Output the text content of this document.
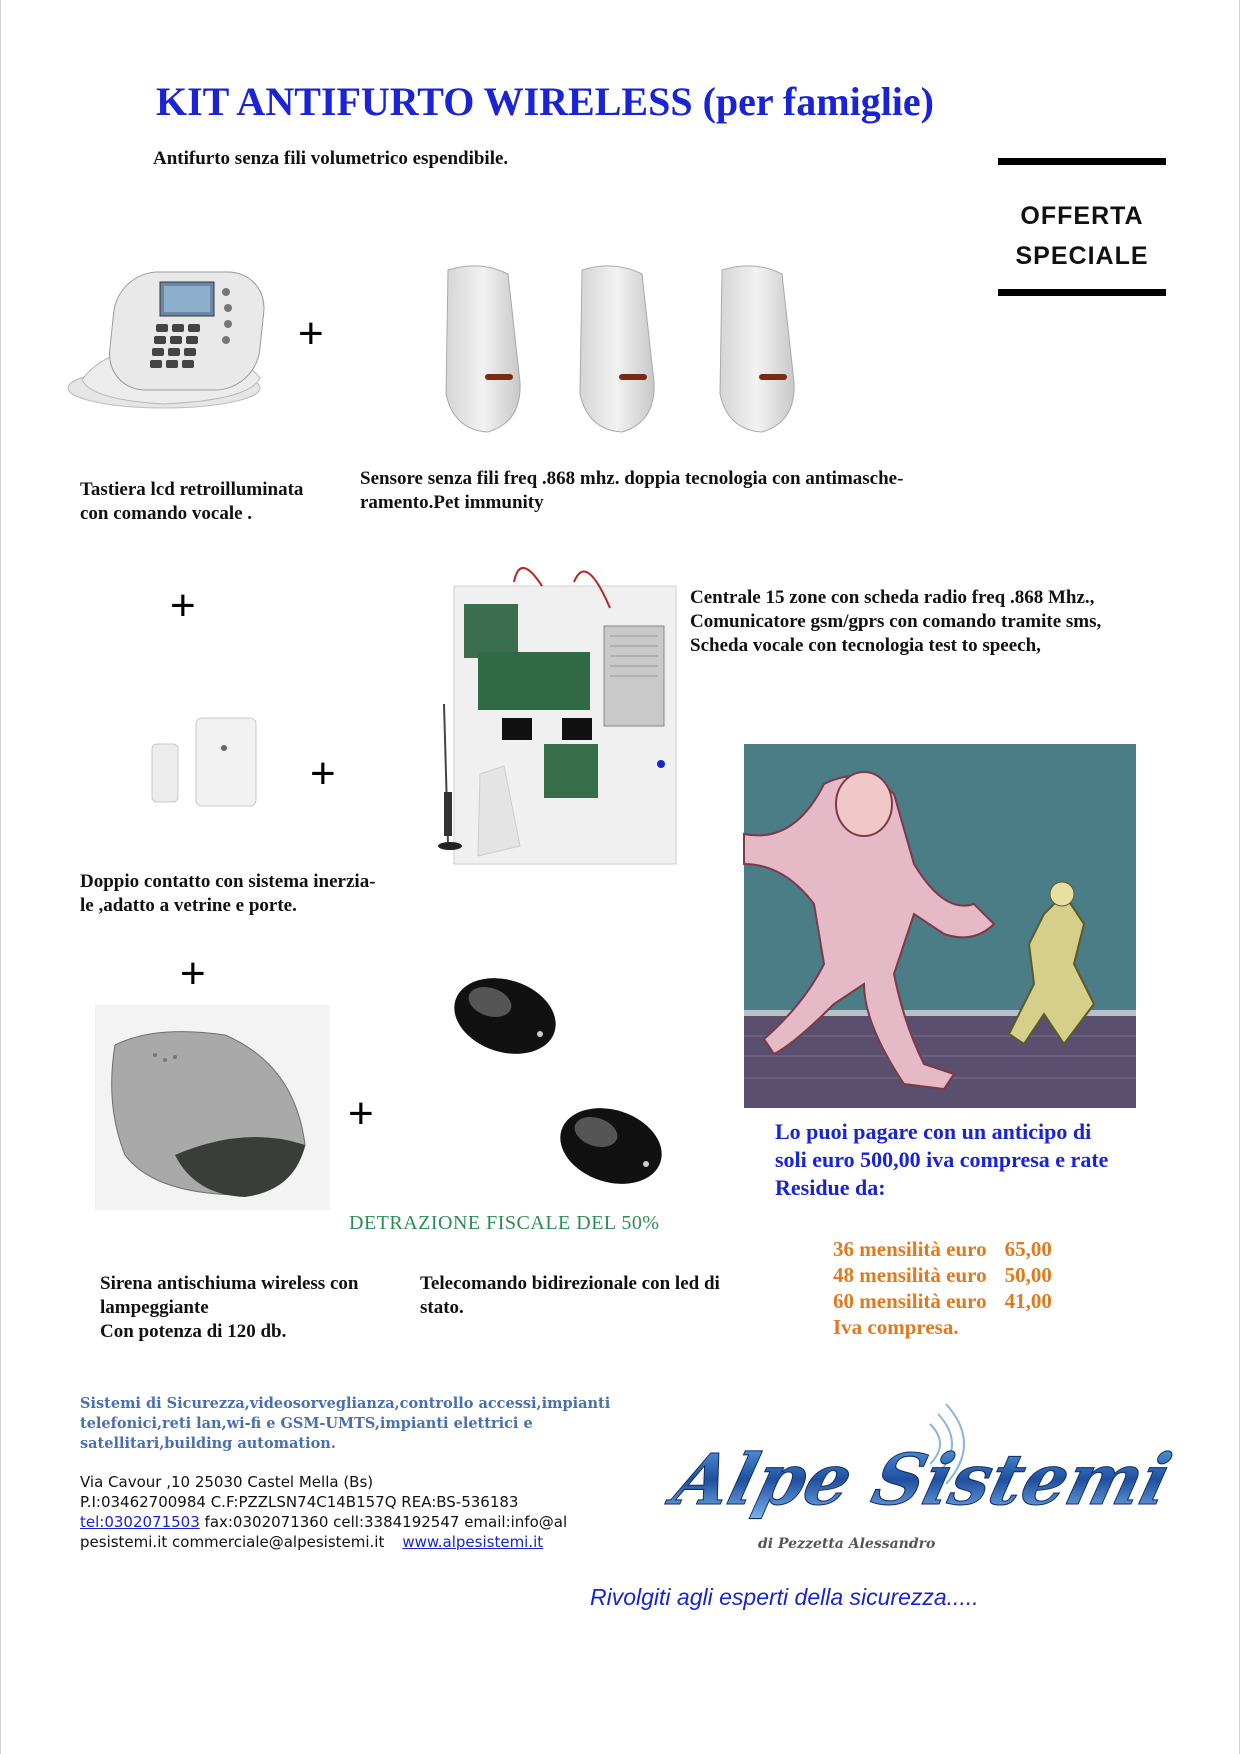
KIT ANTIFURTO WIRELESS (per famiglie)
Antifurto senza fili volumetrico espendibile.
OFFERTA
SPECIALE
+
Tastiera lcd retroilluminata
con comando vocale .
Sensore senza fili freq .868 mhz. doppia tecnologia con antimasche-
ramento.Pet immunity
+	Centrale 15 zone con scheda radio freq .868 Mhz.,
Comunicatore gsm/gprs con comando tramite sms,
Scheda vocale con tecnologia test to speech,
+
Doppio contatto con sistema inerzia-
le ,adatto a vetrine e porte.
+
+	Lo puoi pagare con un anticipo di
soli euro 500,00 iva compresa e rate
Residue da:
36 mensilità euro 65,00
48 mensilità euro 50,00
60 mensilità euro 41,00
Iva compresa.
DETRAZIONE FISCALE DEL 50%
Sirena antischiuma wireless con
lampeggiante
Con potenza di 120 db.
Telecomando bidirezionale con led di
stato.
Sistemi di Sicurezza,videosorveglianza,controllo accessi,impianti
telefonici,reti lan,wi-fi e GSM-UMTS,impianti elettrici e
satellitari,building automation.
Via Cavour ,10 25030 Castel Mella (Bs)
P.I:03462700984 C.F:PZZLSN74C14B157Q REA:BS-536183
tel:0302071503 fax:0302071360 cell:3384192547 email:info@al
pesistemi.it commerciale@alpesistemi.it www.alpesistemi.it
Alpe Sistemi
di Pezzetta Alessandro
Rivolgiti agli esperti della sicurezza.....
